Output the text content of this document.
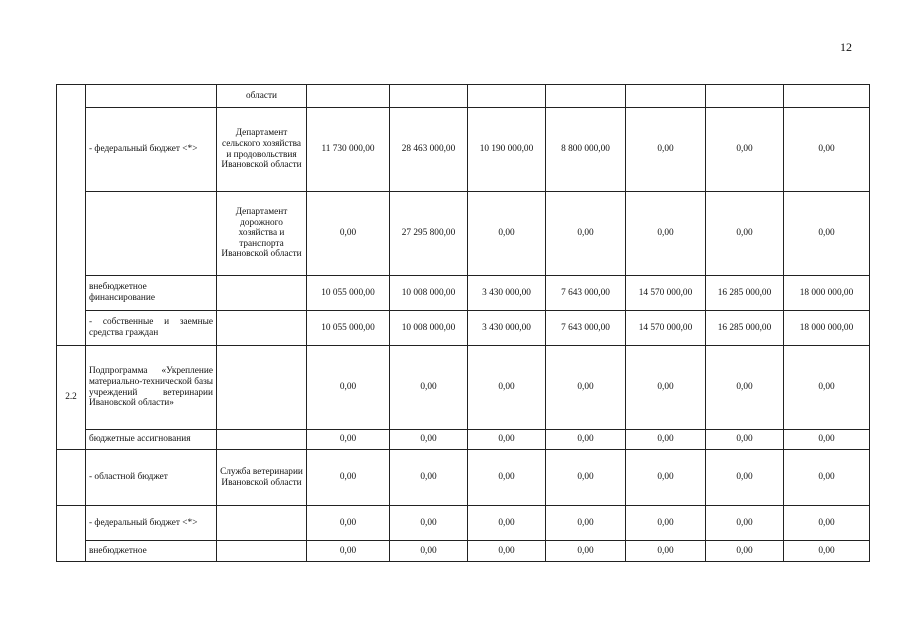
12
		области							
	- федеральный бюджет <*>	Департамент сельского хозяйства и продовольствия Ивановской области	11 730 000,00	28 463 000,00	10 190 000,00	8 800 000,00	0,00	0,00	0,00
		Департамент дорожного хозяйства и транспорта Ивановской области	0,00	27 295 800,00	0,00	0,00	0,00	0,00	0,00
	внебюджетное финансирование		10 055 000,00	10 008 000,00	3 430 000,00	7 643 000,00	14 570 000,00	16 285 000,00	18 000 000,00
	- собственные и заемные средства граждан		10 055 000,00	10 008 000,00	3 430 000,00	7 643 000,00	14 570 000,00	16 285 000,00	18 000 000,00
2.2	Подпрограмма «Укрепление материально-технической базы учреждений ветеринарии Ивановской области»		0,00	0,00	0,00	0,00	0,00	0,00	0,00
	бюджетные ассигнования		0,00	0,00	0,00	0,00	0,00	0,00	0,00
	- областной бюджет	Служба ветеринарии Ивановской области	0,00	0,00	0,00	0,00	0,00	0,00	0,00
	- федеральный бюджет <*>		0,00	0,00	0,00	0,00	0,00	0,00	0,00
	внебюджетное		0,00	0,00	0,00	0,00	0,00	0,00	0,00
